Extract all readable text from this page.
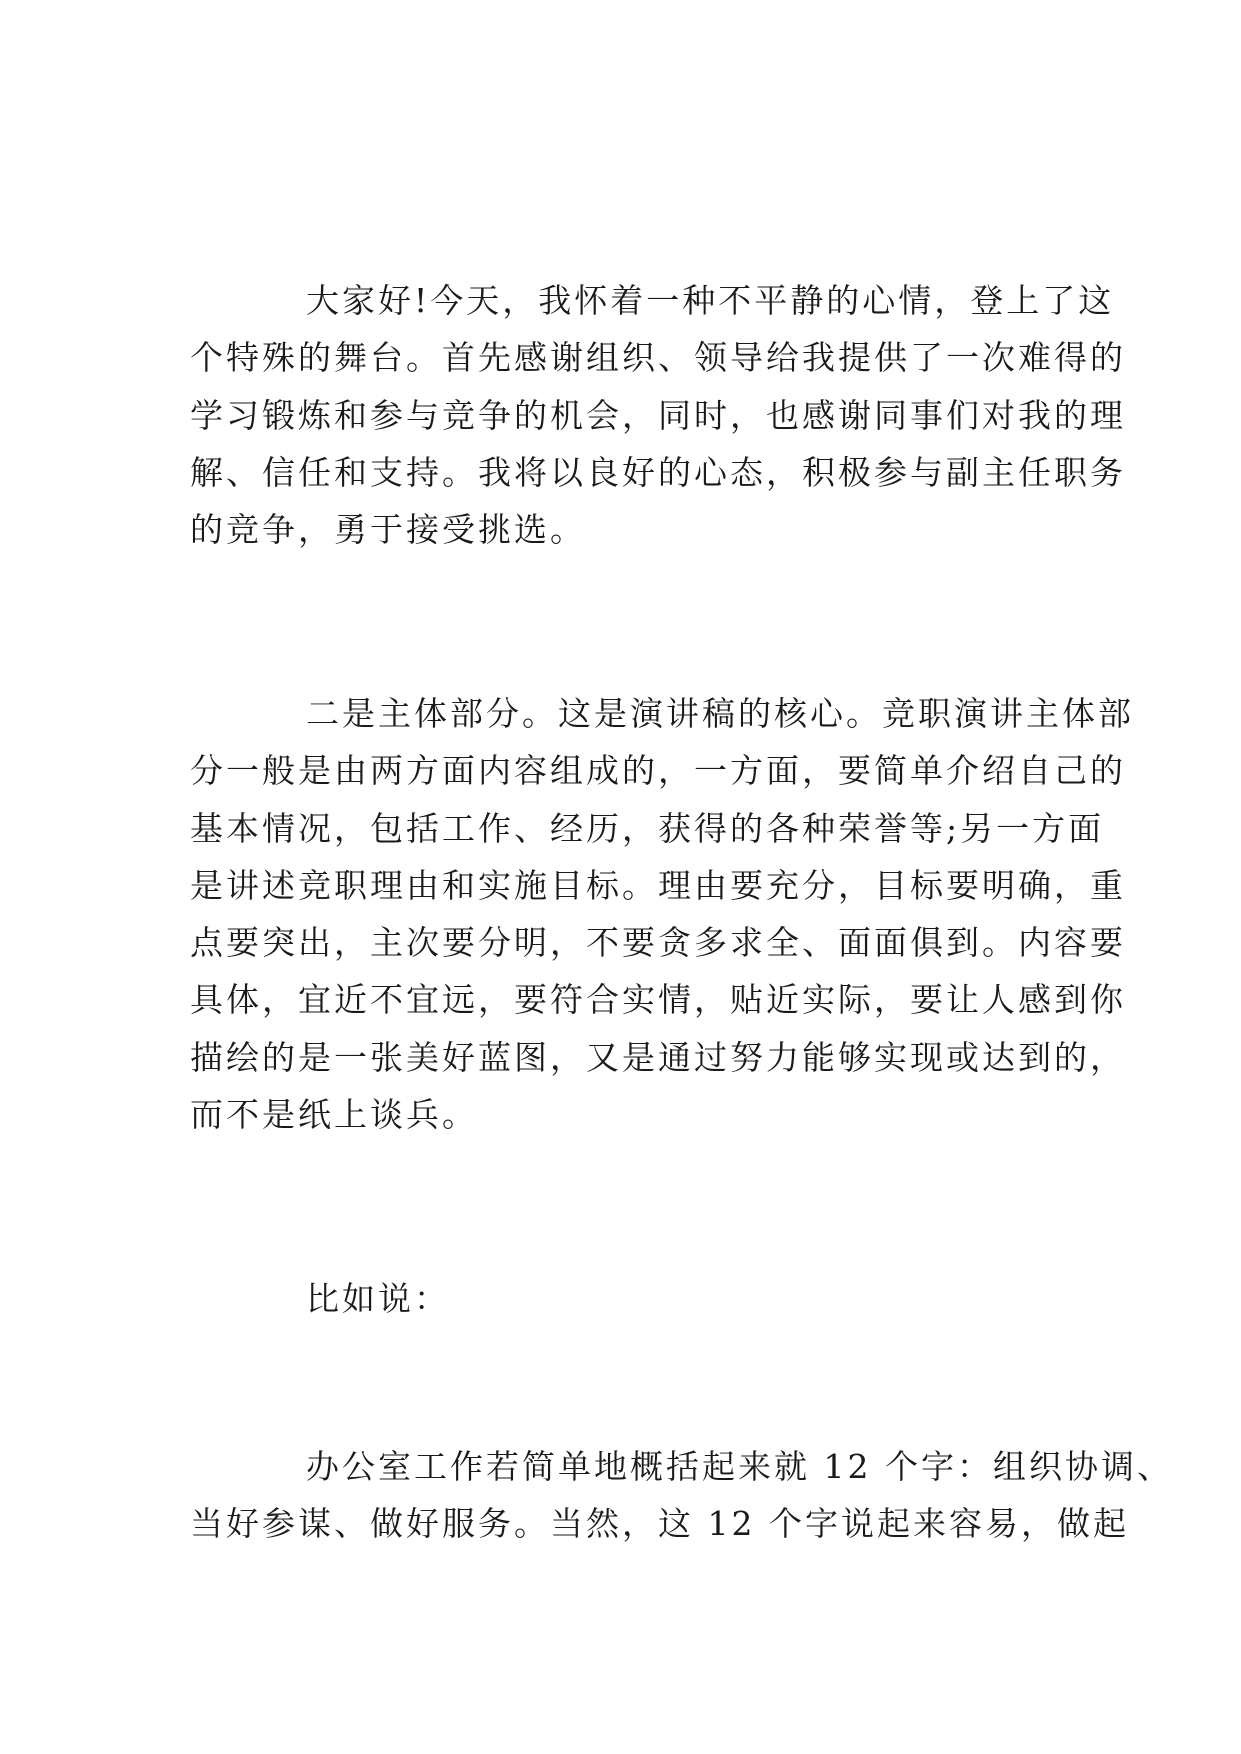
大家好!今天，我怀着一种不平静的心情，登上了这
个特殊的舞台。首先感谢组织、领导给我提供了一次难得的
学习锻炼和参与竞争的机会，同时，也感谢同事们对我的理
解、信任和支持。我将以良好的心态，积极参与副主任职务
的竞争，勇于接受挑选。
二是主体部分。这是演讲稿的核心。竞职演讲主体部
分一般是由两方面内容组成的，一方面，要简单介绍自己的
基本情况，包括工作、经历，获得的各种荣誉等;另一方面
是讲述竞职理由和实施目标。理由要充分，目标要明确，重
点要突出，主次要分明，不要贪多求全、面面俱到。内容要
具体，宜近不宜远，要符合实情，贴近实际，要让人感到你
描绘的是一张美好蓝图，又是通过努力能够实现或达到的，
而不是纸上谈兵。
比如说：
办公室工作若简单地概括起来就 12 个字：组织协调、
当好参谋、做好服务。当然，这 12 个字说起来容易，做起
